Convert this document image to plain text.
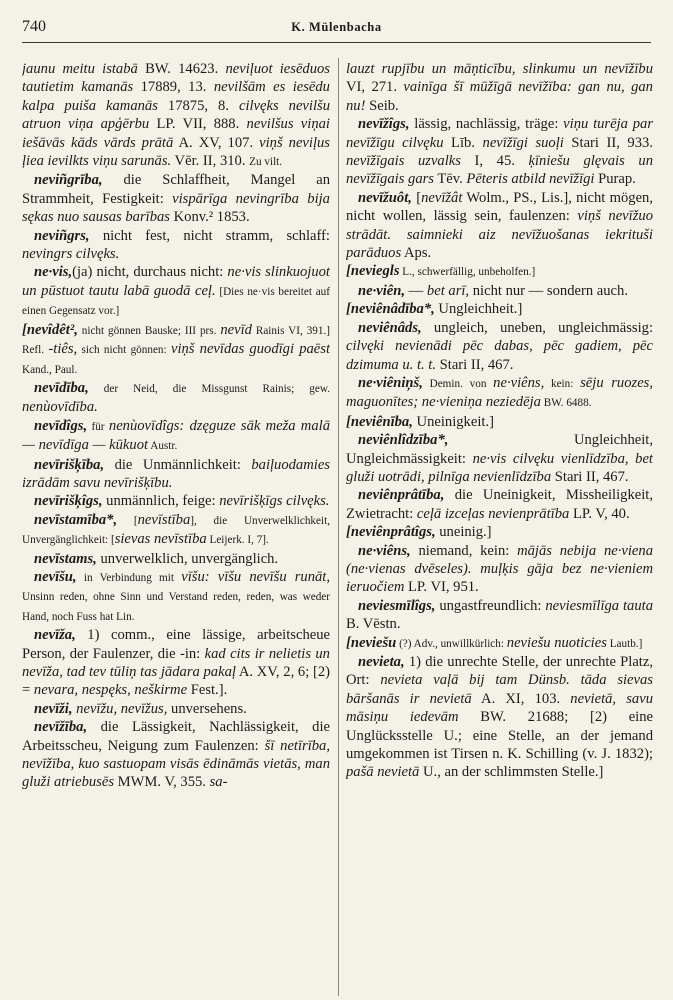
740	K. Mülenbacha

jaunu meitu istabā BW. 14623. neviļuot iesēduos tautietim kamanās 17889, 13. nevilšām es iesēdu kalpa puiša kamanās 17875, 8. cilvęks nevilšu atruon viņa apģērbu LP. VII, 888. nevilšus viņai iešāvās kāds vārds prātā A. XV, 107. viņš neviļus ļiea ievilkts viņu sarunās. Vēr. II, 310. Zu vilt.

neviñgrība, die Schlaffheit, Mangel an Strammheit, Festigkeit: vispārīga nevingrība bija sękas nuo sausas barības Konv.² 1853.

neviñgrs, nicht fest, nicht stramm, schlaff: nevingrs cilvęks.

ne·vis,(ja) nicht, durchaus nicht: ne·vis slinkuojuot un pūstuot tautu labā guodā ceļ. [Dies ne·vis bereitet auf einen Gegensatz vor.]

[nevîdêt², nicht gönnen Bauske; III prs. nevīd Rainis VI, 391.] Refl. -tiês, sich nicht gönnen: viņš nevīdas guodīgi paēst Kand., Paul.

nevīdība, der Neid, die Missgunst Rainis; gew. nenùovīdība.

nevīdîgs, für nenùovīdîgs: dzęguze sāk meža malā — nevīdīga — kūkuot Austr.

nevīrišķība, die Unmännlichkeit: baiļuodamies izrādām savu nevīrišķību.

nevīrišķîgs, unmännlich, feige: nevīrišķīgs cilvęks.

nevīstamība*, [nevīstība], die Unverwelklichkeit, Unvergänglichkeit: [sievas nevīstība Leijerk. I, 7].

nevīstams, unverwelklich, unvergänglich.

nevīšu, in Verbindung mit vīšu: vīšu nevīšu runāt, Unsinn reden, ohne Sinn und Verstand reden, reden, was weder Hand, noch Fuss hat Lin.

nevīža, 1) comm., eine lässige, arbeitscheue Person, der Faulenzer, die -in: kad cits ir nelietis un nevīža, tad tev tūliņ tas jādara pakaļ A. XV, 2, 6; [2) = nevara, nespęks, neškirme Fest.].

nevīži, nevīžu, nevīžus, unversehens.

nevīžība, die Lässigkeit, Nachlässigkeit, die Arbeitsscheu, Neigung zum Faulenzen: šī netīrība, nevīžība, kuo sastuopam visās ēdināmās vietās, man gluži atriebusēs MWM. V, 355. sa-

lauzt rupjību un māņticību, slinkumu un nevīžību VI, 271. vainīga šī mūžīgā nevīžība: gan nu, gan nu! Seib.

nevīžîgs, lässig, nachlässig, träge: viņu turēja par nevīžīgu cilvęku Līb. nevīžīgi suoļi Stari II, 933. nevīžīgais uzvalks I, 45. ķīniešu glęvais un nevīžīgais gars Tēv. Pēteris atbild nevīžīgi Purap.

nevīžuôt, [nevīžât Wolm., PS., Lis.], nicht mögen, nicht wollen, lässig sein, faulenzen: viņš nevīžuo strādāt. saimnieki aiz nevīžuošanas iekrituši parāduos Aps.

[neviegls L., schwerfällig, unbeholfen.]

ne·viên, — bet arī, nicht nur — sondern auch.

[neviênâdība*, Ungleichheit.]

neviênâds, ungleich, uneben, ungleichmässig: cilvęki nevienādi pēc dabas, pēc gadiem, pēc dzimuma u. t. t. Stari II, 467.

ne·viêniņš, Demin. von ne·viêns, kein: sēju ruozes, maguonītes; ne·vieniņa neziedēja BW. 6488.

[neviênība, Uneinigkeit.]

neviênlîdzība*, Ungleichheit, Ungleichmässigkeit: ne·vis cilvęku vienlīdzība, bet gluži uotrādi, pilnīga nevienlīdzība Stari II, 467.

neviênprâtība, die Uneinigkeit, Missheiligkeit, Zwietracht: ceļā izceļas nevienprātība LP. V, 40.

[neviênprâtîgs, uneinig.]

ne·viêns, niemand, kein: mājās nebija ne·viena (ne·vienas dvēseles). muļķis gāja bez ne·vieniem ieruočiem LP. VI, 951.

neviesmīlîgs, ungastfreundlich: neviesmīlīga tauta B. Vēstn.

[neviešu (?) Adv., unwillkürlich: neviešu nuoticies Lautb.]

nevieta, 1) die unrechte Stelle, der unrechte Platz, Ort: nevieta vaļā bij tam Dünsb. tāda sievas bāršanās ir nevietā A. XI, 103. nevietā, savu māsiņu iedevām BW. 21688; [2) eine Unglücksstelle U.; eine Stelle, an der jemand umgekommen ist Tirsen n. K. Schilling (v. J. 1832); pašā nevietā U., an der schlimmsten Stelle.]
